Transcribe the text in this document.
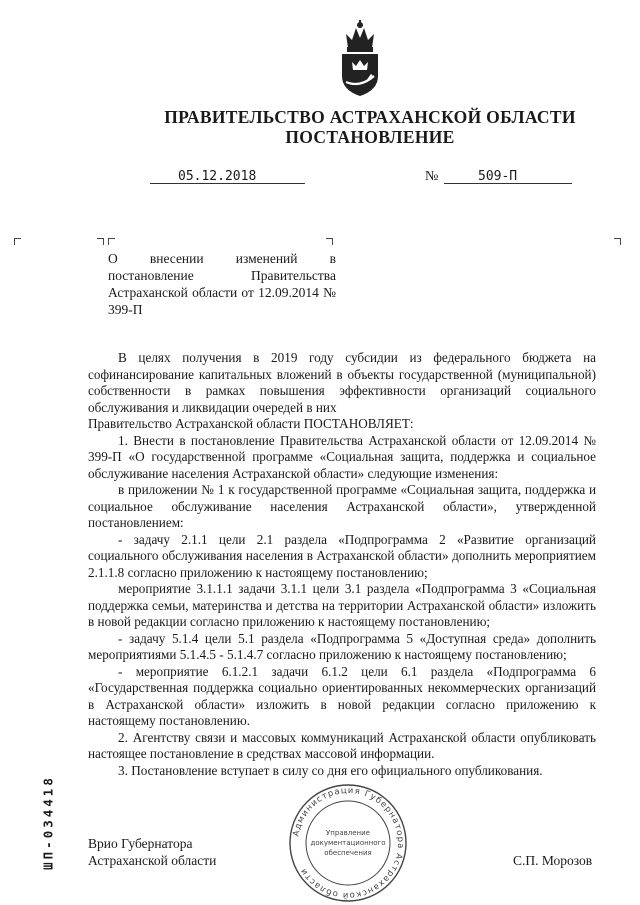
ПРАВИТЕЛЬСТВО АСТРАХАНСКОЙ ОБЛАСТИ
ПОСТАНОВЛЕНИЕ
05.12.2018	№	509-П
О внесении изменений в постановление Правительства Астраханской области от 12.09.2014 № 399-П

В целях получения в 2019 году субсидии из федерального бюджета на софинансирование капитальных вложений в объекты государственной (муниципальной) собственности в рамках повышения эффективности организаций социального обслуживания и ликвидации очередей в них

Правительство Астраханской области ПОСТАНОВЛЯЕТ:

1. Внести в постановление Правительства Астраханской области от 12.09.2014 № 399-П «О государственной программе «Социальная защита, поддержка и социальное обслуживание населения Астраханской области» следующие изменения:

в приложении № 1 к государственной программе «Социальная защита, поддержка и социальное обслуживание населения Астраханской области», утвержденной постановлением:

- задачу 2.1.1 цели 2.1 раздела «Подпрограмма 2 «Развитие организаций социального обслуживания населения в Астраханской области» дополнить мероприятием 2.1.1.8 согласно приложению к настоящему постановлению;

мероприятие 3.1.1.1 задачи 3.1.1 цели 3.1 раздела «Подпрограмма 3 «Социальная поддержка семьи, материнства и детства на территории Астраханской области» изложить в новой редакции согласно приложению к настоящему постановлению;

- задачу 5.1.4 цели 5.1 раздела «Подпрограмма 5 «Доступная среда» дополнить мероприятиями 5.1.4.5 - 5.1.4.7 согласно приложению к настоящему постановлению;

- мероприятие 6.1.2.1 задачи 6.1.2 цели 6.1 раздела «Подпрограмма 6 «Государственная поддержка социально ориентированных некоммерческих организаций в Астраханской области» изложить в новой редакции согласно приложению к настоящему постановлению.

2. Агентству связи и массовых коммуникаций Астраханской области опубликовать настоящее постановление в средствах массовой информации.

3. Постановление вступает в силу со дня его официального опубликования.

Администрация Губернатора Астраханской области
Управление
документационного
обеспечения
Врио Губернатора
Астраханской области	С.П. Морозов
ШП-034418
